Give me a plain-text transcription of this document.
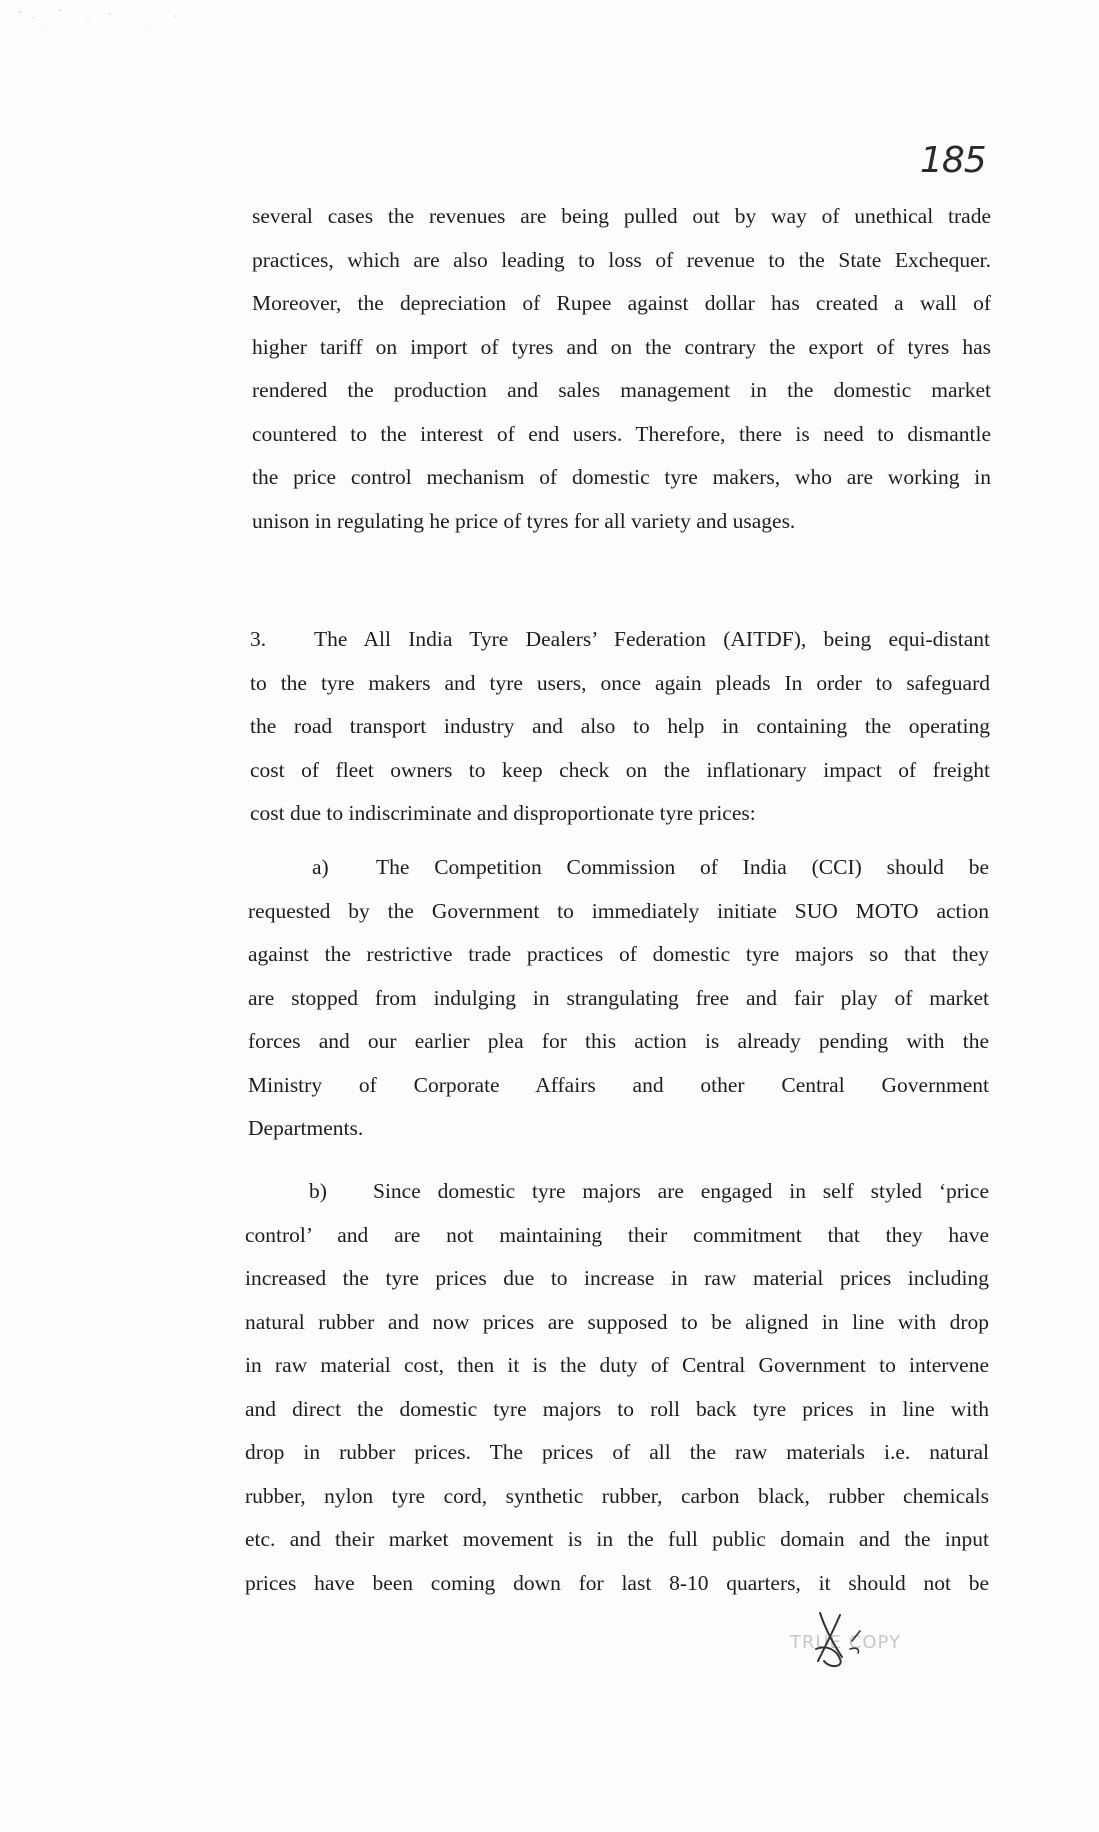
185
several cases the revenues are being pulled out by way of unethical trade
practices, which are also leading to loss of revenue to the State Exchequer.
Moreover, the depreciation of Rupee against dollar has created a wall of
higher tariff on import of tyres and on the contrary the export of tyres has
rendered the production and sales management in the domestic market
countered to the interest of end users. Therefore, there is need to dismantle
the price control mechanism of domestic tyre makers, who are working in
unison in regulating he price of tyres for all variety and usages.
3. The All India Tyre Dealers’ Federation (AITDF), being equi-distant
to the tyre makers and tyre users, once again pleads In order to safeguard
the road transport industry and also to help in containing the operating
cost of fleet owners to keep check on the inflationary impact of freight
cost due to indiscriminate and disproportionate tyre prices:
a) The Competition Commission of India (CCI) should be
requested by the Government to immediately initiate SUO MOTO action
against the restrictive trade practices of domestic tyre majors so that they
are stopped from indulging in strangulating free and fair play of market
forces and our earlier plea for this action is already pending with the
Ministry of Corporate Affairs and other Central Government
Departments.
b) Since domestic tyre majors are engaged in self styled ‘price
control’ and are not maintaining their commitment that they have
increased the tyre prices due to increase in raw material prices including
natural rubber and now prices are supposed to be aligned in line with drop
in raw material cost, then it is the duty of Central Government to intervene
and direct the domestic tyre majors to roll back tyre prices in line with
drop in rubber prices. The prices of all the raw materials i.e. natural
rubber, nylon tyre cord, synthetic rubber, carbon black, rubber chemicals
etc. and their market movement is in the full public domain and the input
prices have been coming down for last 8-10 quarters, it should not be
TRUE COPY
